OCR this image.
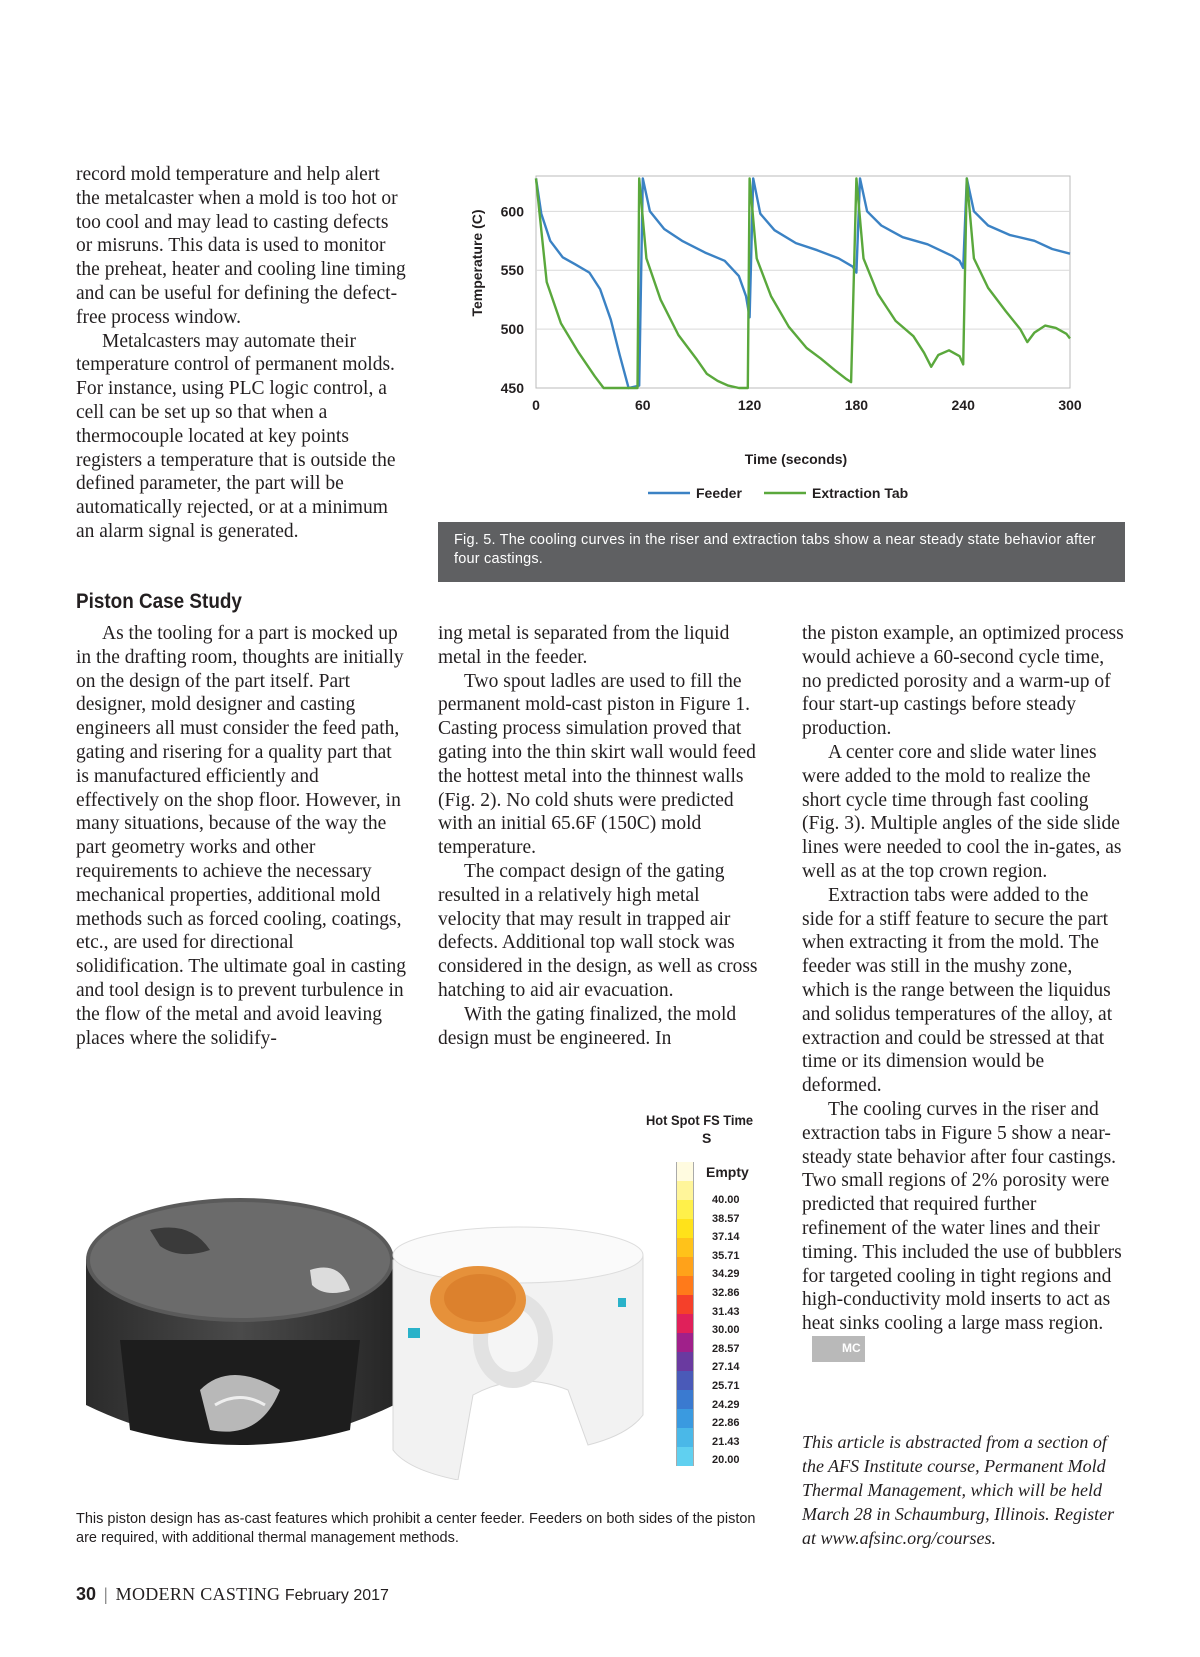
record mold temperature and help alert the metalcaster when a mold is too hot or too cool and may lead to casting defects or misruns. This data is used to monitor the preheat, heater and cooling line timing and can be useful for defining the defect-free process window.

Metalcasters may automate their temperature control of permanent molds. For instance, using PLC logic control, a cell can be set up so that when a thermocouple located at key points registers a temperature that is outside the defined parameter, the part will be automatically rejected, or at a minimum an alarm signal is generated.

450
500
550
600
0	60	120	180	240	300
Temperature (C)
Time (seconds)
Feeder	Extraction Tab
Fig. 5. The cooling curves in the riser and extraction tabs show a near steady state behavior after four castings.
Piston Case Study

As the tooling for a part is mocked up in the drafting room, thoughts are initially on the design of the part itself. Part designer, mold designer and casting engineers all must consider the feed path, gating and risering for a quality part that is manufactured efficiently and effectively on the shop floor. However, in many situations, because of the way the part geometry works and other requirements to achieve the necessary mechanical properties, additional mold methods such as forced cooling, coatings, etc., are used for directional solidification. The ultimate goal in casting and tool design is to prevent turbulence in the flow of the metal and avoid leaving places where the solidify-

ing metal is separated from the liquid metal in the feeder.

Two spout ladles are used to fill the permanent mold-cast piston in Figure 1. Casting process simulation proved that gating into the thin skirt wall would feed the hottest metal into the thinnest walls (Fig. 2). No cold shuts were predicted with an initial 65.6F (150C) mold temperature.

The compact design of the gating resulted in a relatively high metal velocity that may result in trapped air defects. Additional top wall stock was considered in the design, as well as cross hatching to aid air evacuation.

With the gating finalized, the mold design must be engineered. In

the piston example, an optimized process would achieve a 60-second cycle time, no predicted porosity and a warm-up of four start-up castings before steady production.

A center core and slide water lines were added to the mold to realize the short cycle time through fast cooling (Fig. 3). Multiple angles of the side slide lines were needed to cool the in-gates, as well as at the top crown region.

Extraction tabs were added to the side for a stiff feature to secure the part when extracting it from the mold. The feeder was still in the mushy zone, which is the range between the liquidus and solidus temperatures of the alloy, at extraction and could be stressed at that time or its dimension would be deformed.

The cooling curves in the riser and extraction tabs in Figure 5 show a near-steady state behavior after four castings. Two small regions of 2% porosity were predicted that required further refinement of the water lines and their timing. This included the use of bubblers for targeted cooling in tight regions and high-conductivity mold inserts to act as heat sinks cooling a large mass region.MC

This article is abstracted from a section of the AFS Institute course, Permanent Mold Thermal Management, which will be held March 28 in Schaumburg, Illinois. Register at www.afsinc.org/courses.
Hot Spot FS Time
S
Empty
40.00
38.57
37.14
35.71
34.29
32.86
31.43
30.00
28.57
27.14
25.71
24.29
22.86
21.43
20.00
This piston design has as-cast features which prohibit a center feeder. Feeders on both sides of the piston are required, with additional thermal management methods.
30 | MODERN CASTING February 2017
